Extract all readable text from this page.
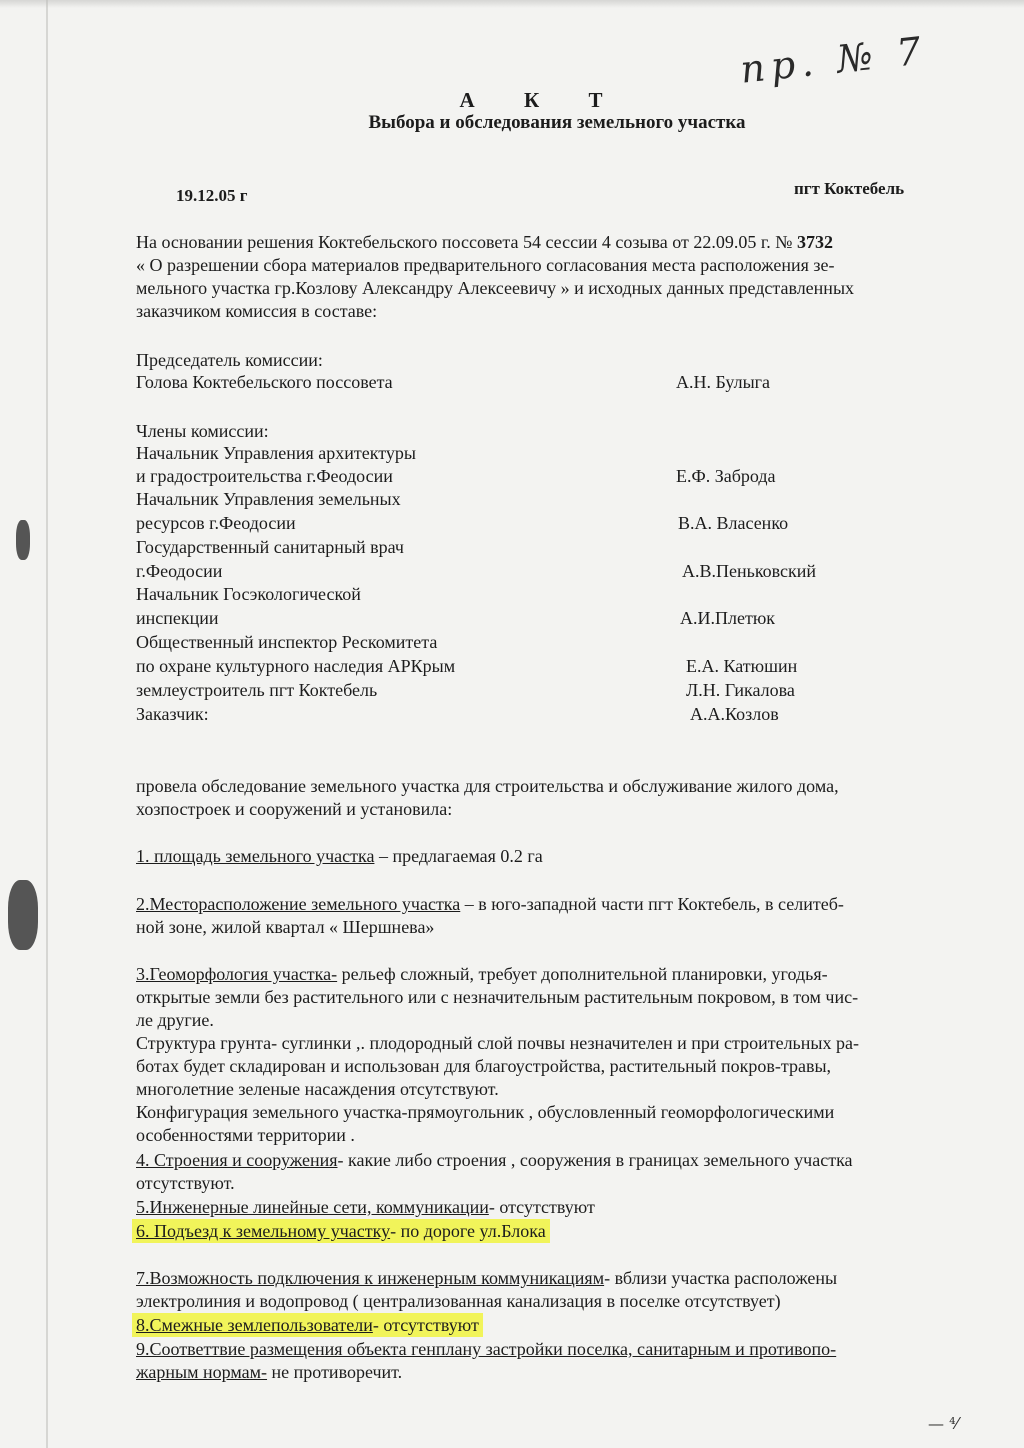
пр. № 7
А К Т
Выбора и обследования земельного участка
19.12.05 г	пгт Коктебель
На основании решения Коктебельского поссовета 54 сессии 4 созыва от 22.09.05 г. № 3732
« О разрешении сбора материалов предварительного согласования места расположения зе-
мельного участка гр.Козлову Александру Алексеевичу » и исходных данных представленных
заказчиком комиссия в составе:
Председатель комиссии:
Голова Коктебельского поссовета	А.Н. Булыга
Члены комиссии:
Начальник Управления архитектуры
и градостроительства г.Феодосии	Е.Ф. Заброда
Начальник Управления земельных
ресурсов г.Феодосии	В.А. Власенко
Государственный санитарный врач
г.Феодосии	А.В.Пеньковский
Начальник Госэкологической
инспекции	А.И.Плетюк
Общественный инспектор Рескомитета
по охране культурного наследия АРКрым	Е.А. Катюшин
землеустроитель пгт Коктебель	Л.Н. Гикалова
Заказчик:	А.А.Козлов
провела обследование земельного участка для строительства и обслуживание жилого дома,
хозпостроек и сооружений и установила:
1. площадь земельного участка – предлагаемая 0.2 га
2.Месторасположение земельного участка – в юго-западной части пгт Коктебель, в селитеб-
ной зоне, жилой квартал « Шершнева»
3.Геоморфология участка- рельеф сложный, требует дополнительной планировки, угодья-
открытые земли без растительного или с незначительным растительным покровом, в том чис-
ле другие.
Структура грунта- суглинки ,. плодородный слой почвы незначителен и при строительных ра-
ботах будет складирован и использован для благоустройства, растительный покров-травы,
многолетние зеленые насаждения отсутствуют.
Конфигурация земельного участка-прямоугольник , обусловленный геоморфологическими
особенностями территории .
4. Строения и сооружения- какие либо строения , сооружения в границах земельного участка
отсутствуют.
5.Инженерные линейные сети, коммуникации- отсутствуют
6. Подъезд к земельному участку- по дороге ул.Блока
7.Возможность подключения к инженерным коммуникациям- вблизи участка расположены
электролиния и водопровод ( централизованная канализация в поселке отсутствует)
8.Смежные землепользователи- отсутствуют
9.Соответтвие размещения объекта генплану застройки поселка, санитарным и противопо-
жарным нормам- не противоречит.
— ⁴⁄
